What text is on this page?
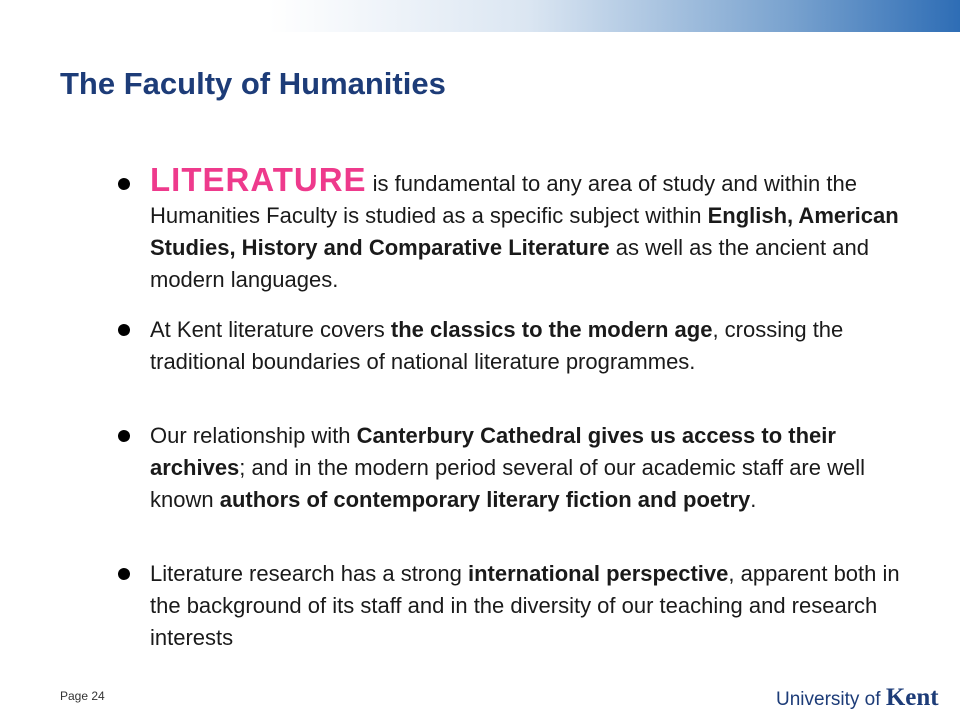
The Faculty of Humanities
LITERATURE is fundamental to any area of study and within the Humanities Faculty is studied as a specific subject within English, American Studies, History and Comparative Literature as well as the ancient and modern languages.
At Kent literature covers the classics to the modern age, crossing the traditional boundaries of national literature programmes.
Our relationship with Canterbury Cathedral gives us access to their archives; and in the modern period several of our academic staff are well known authors of contemporary literary fiction and poetry.
Literature research has a strong international perspective, apparent both in the background of its staff and in the diversity of our teaching and research interests
Page 24	University of Kent
